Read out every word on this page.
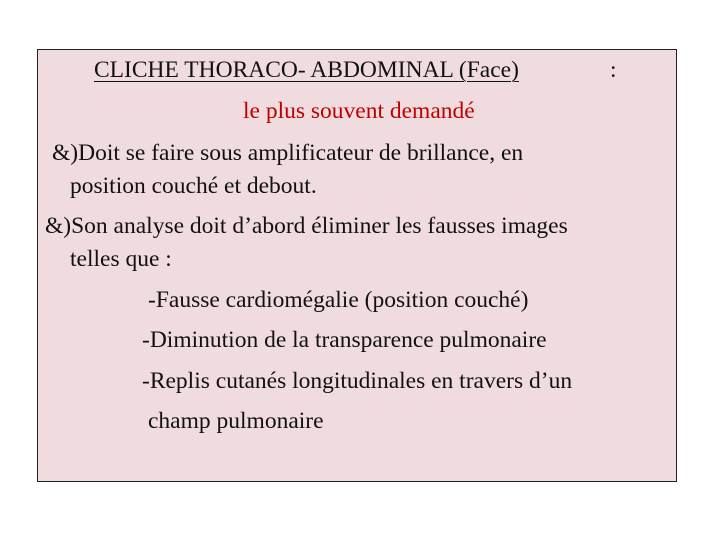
CLICHE THORACO- ABDOMINAL (Face)	:
le plus souvent demandé
&)Doit se faire sous amplificateur de brillance, en
position couché et debout.
&)Son analyse doit d’abord éliminer les fausses images
telles que :
-Fausse cardiomégalie (position couché)
-Diminution de la transparence pulmonaire
-Replis cutanés longitudinales en travers d’un
champ pulmonaire
